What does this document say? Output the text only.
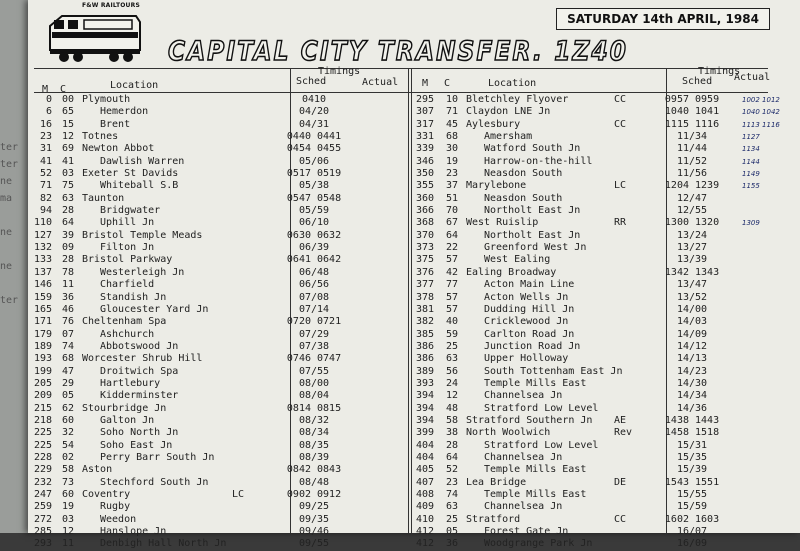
ter
ter
ne
ma
ne
ne
ter
F&W RAILTOURS
SATURDAY 14th APRIL, 1984
CAPITAL CITY TRANSFER. 1Z40
M C	Location
Timings
Sched	Actual M C	Location
Timings
Sched Actual
0 00 Plymouth	0410
6 65	Hemerdon	04/20
16 15	Brent	04/31
23 12 Totnes	0440 0441
31 69 Newton Abbot	0454 0455
41 41	Dawlish Warren	05/06
52 03 Exeter St Davids	0517 0519
71 75	Whiteball S.B	05/38
82 63 Taunton	0547 0548
94 28	Bridgwater	05/59
110 64	Uphill Jn	06/10
127 39 Bristol Temple Meads	0630 0632
132 09	Filton Jn	06/39
133 28 Bristol Parkway	0641 0642
137 78	Westerleigh Jn	06/48
146 11	Charfield	06/56
159 36	Standish Jn	07/08
165 46	Gloucester Yard Jn	07/14
171 76 Cheltenham Spa	0720 0721
179 07	Ashchurch	07/29
189 74	Abbotswood Jn	07/38
193 68 Worcester Shrub Hill	0746 0747
199 47	Droitwich Spa	07/55
205 29	Hartlebury	08/00
209 05	Kidderminster	08/04
215 62 Stourbridge Jn	0814 0815
218 60	Galton Jn	08/32
225 32	Soho North Jn	08/34
225 54	Soho East Jn	08/35
228 02	Perry Barr South Jn	08/39
229 58 Aston	0842 0843
232 73	Stechford South Jn	08/48
247 60 Coventry	LC	0902 0912
259 19	Rugby	09/25
272 03	Weedon	09/35
285 12	Hanslope Jn	09/46
293 11	Denbigh Hall North Jn	09/55
295	10 Bletchley Flyover	CC	0957 0959	1002 1012
307	71 Claydon LNE Jn	1040 1041	1040 1042
317	45 Aylesbury	CC	1115 1116	1113 1116
331	68	Amersham	11/34	1127
339	30	Watford South Jn	11/44	1134
346	19	Harrow-on-the-hill	11/52	1144
350	23	Neasdon South	11/56	1149
355	37 Marylebone	LC	1204 1239	1155
360	51	Neasdon South	12/47
366	70	Northolt East Jn	12/55
368	67 West Ruislip	RR	1300 1320	1309
370	64	Northolt East Jn	13/24
373	22	Greenford West Jn	13/27
375	57	West Ealing	13/39
376	42 Ealing Broadway	1342 1343
377	77	Acton Main Line	13/47
378	57	Acton Wells Jn	13/52
381	57	Dudding Hill Jn	14/00
382	40	Cricklewood Jn	14/03
385	59	Carlton Road Jn	14/09
386	25	Junction Road Jn	14/12
386	63	Upper Holloway	14/13
389	56	South Tottenham East Jn	14/23
393	24	Temple Mills East	14/30
394	12	Channelsea Jn	14/34
394	48	Stratford Low Level	14/36
394	58 Stratford Southern Jn AE	1438 1443
399	38 North Woolwich	Rev	1458 1518
404	28	Stratford Low Level	15/31
404	64	Channelsea Jn	15/35
405	52	Temple Mills East	15/39
407	23 Lea Bridge	DE	1543 1551
408	74	Temple Mills East	15/55
409	63	Channelsea Jn	15/59
410	25 Stratford	CC	1602 1603
412	05	Forest Gate Jn	16/07
412	36	Woodgrange Park Jn	16/09
